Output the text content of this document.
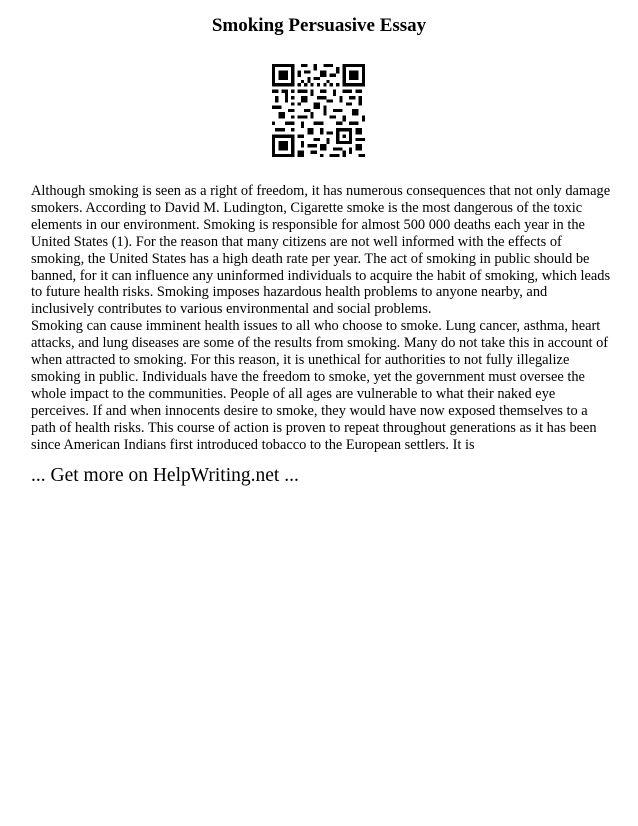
Smoking Persuasive Essay

Although smoking is seen as a right of freedom, it has numerous consequences that not only damage smokers. According to David M. Ludington, Cigarette smoke is the most dangerous of the toxic elements in our environment. Smoking is responsible for almost 500 000 deaths each year in the United States (1). For the reason that many citizens are not well informed with the effects of smoking, the United States has a high death rate per year. The act of smoking in public should be banned, for it can influence any uninformed individuals to acquire the habit of smoking, which leads to future health risks. Smoking imposes hazardous health problems to anyone nearby, and inclusively contributes to various environmental and social problems.

Smoking can cause imminent health issues to all who choose to smoke. Lung cancer, asthma, heart attacks, and lung diseases are some of the results from smoking. Many do not take this in account of when attracted to smoking. For this reason, it is unethical for authorities to not fully illegalize smoking in public. Individuals have the freedom to smoke, yet the government must oversee the whole impact to the communities. People of all ages are vulnerable to what their naked eye perceives. If and when innocents desire to smoke, they would have now exposed themselves to a path of health risks. This course of action is proven to repeat throughout generations as it has been since American Indians first introduced tobacco to the European settlers. It is

... Get more on HelpWriting.net ...
